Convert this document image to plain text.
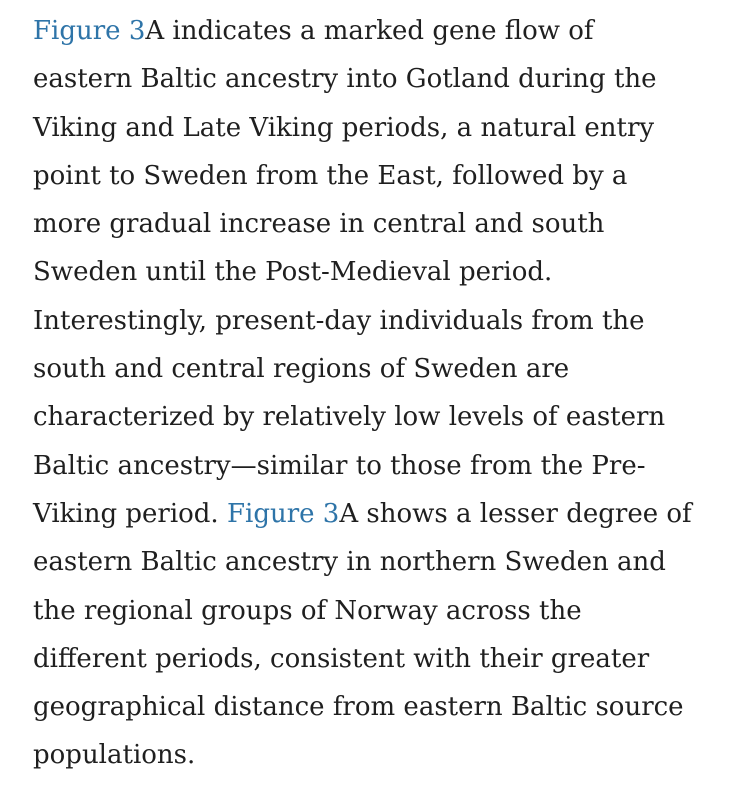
Figure 3A indicates a marked gene flow of
eastern Baltic ancestry into Gotland during the
Viking and Late Viking periods, a natural entry
point to Sweden from the East, followed by a
more gradual increase in central and south
Sweden until the Post-Medieval period.
Interestingly, present-day individuals from the
south and central regions of Sweden are
characterized by relatively low levels of eastern
Baltic ancestry—similar to those from the Pre-
Viking period. Figure 3A shows a lesser degree of
eastern Baltic ancestry in northern Sweden and
the regional groups of Norway across the
different periods, consistent with their greater
geographical distance from eastern Baltic source
populations.
